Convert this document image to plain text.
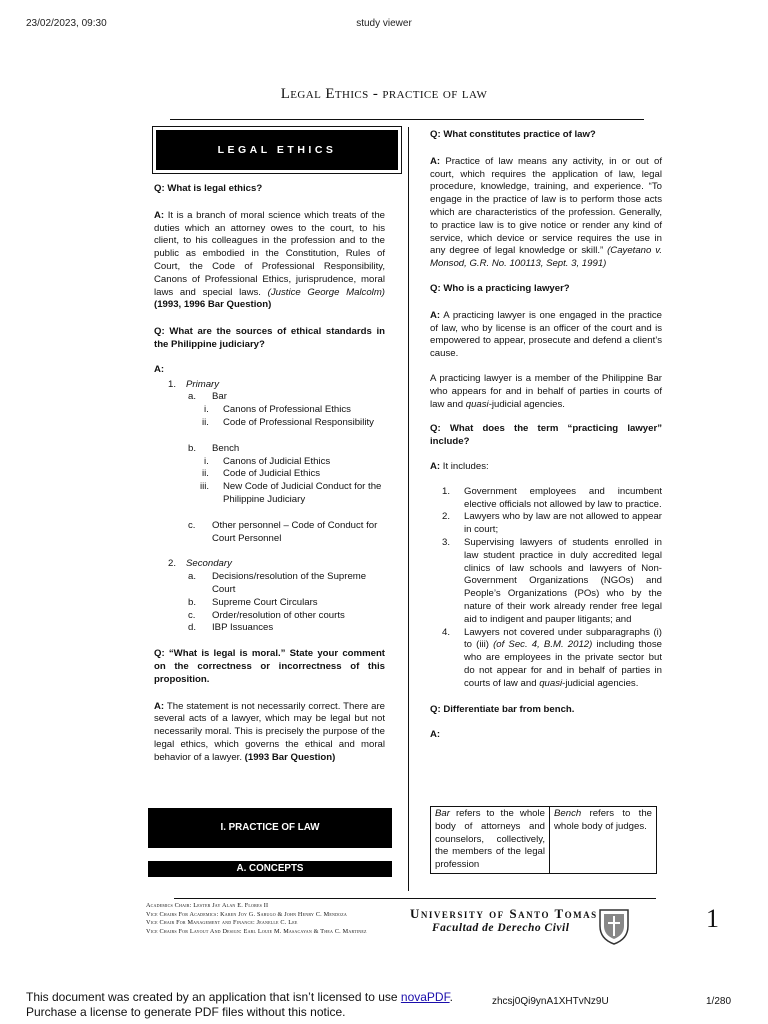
23/02/2023, 09:30	study viewer
Legal Ethics - practice of law
LEGAL ETHICS

Q: What is legal ethics?

A: It is a branch of moral science which treats of the duties which an attorney owes to the court, to his client, to his colleagues in the profession and to the public as embodied in the Constitution, Rules of Court, the Code of Professional Responsibility, Canons of Professional Ethics, jurisprudence, moral laws and special laws. (Justice George Malcolm) (1993, 1996 Bar Question)

Q: What are the sources of ethical standards in the Philippine judiciary?

A:

1. Primary
a. Bar
i. Canons of Professional Ethics
ii. Code of Professional Responsibility
b. Bench
i. Canons of Judicial Ethics
ii. Code of Judicial Ethics
iii. New Code of Judicial Conduct for the Philippine Judiciary
c. Other personnel – Code of Conduct for Court Personnel
2. Secondary
a. Decisions/resolution of the Supreme Court
b. Supreme Court Circulars
c. Order/resolution of other courts
d. IBP Issuances

Q: “What is legal is moral.” State your comment on the correctness or incorrectness of this proposition.

A: The statement is not necessarily correct. There are several acts of a lawyer, which may be legal but not necessarily moral. This is precisely the purpose of the legal ethics, which governs the ethical and moral behavior of a lawyer. (1993 Bar Question)

I. PRACTICE OF LAW
A. CONCEPTS

Q: What constitutes practice of law?

A: Practice of law means any activity, in or out of court, which requires the application of law, legal procedure, knowledge, training, and experience. “To engage in the practice of law is to perform those acts which are characteristics of the profession. Generally, to practice law is to give notice or render any kind of service, which device or service requires the use in any degree of legal knowledge or skill.” (Cayetano v. Monsod, G.R. No. 100113, Sept. 3, 1991)

Q: Who is a practicing lawyer?

A: A practicing lawyer is one engaged in the practice of law, who by license is an officer of the court and is empowered to appear, prosecute and defend a client’s cause.

A practicing lawyer is a member of the Philippine Bar who appears for and in behalf of parties in courts of law and quasi-judicial agencies.

Q: What does the term “practicing lawyer” include?

A: It includes:

1. Government employees and incumbent elective officials not allowed by law to practice.
2. Lawyers who by law are not allowed to appear in court;
3. Supervising lawyers of students enrolled in law student practice in duly accredited legal clinics of law schools and lawyers of Non-Government Organizations (NGOs) and People’s Organizations (POs) who by the nature of their work already render free legal aid to indigent and pauper litigants; and
4. Lawyers not covered under subparagraphs (i) to (iii) (of Sec. 4, B.M. 2012) including those who are employees in the private sector but do not appear for and in behalf of parties in courts of law and quasi-judicial agencies.

Q: Differentiate bar from bench.

A:

Bar refers to the whole body of attorneys and counselors, collectively, the members of the legal profession	Bench refers to the whole body of judges.
Academics Chair: Lester Jay Alan E. Flores II
Vice Chairs For Academics: Karen Joy G. Sabugo & John Henry C. Mendoza
Vice Chair For Management and Finance: Jeanelle C. Lee
Vice Chairs For Layout And Design: Earl Louie M. Masacayan & Thea C. Martinez
University of Santo Tomas
Facultad de Derecho Civil	1
This document was created by an application that isn’t licensed to use novaPDF.
Purchase a license to generate PDF files without this notice.
zhcsj0Qi9ynA1XHTvNz9U	1/280
